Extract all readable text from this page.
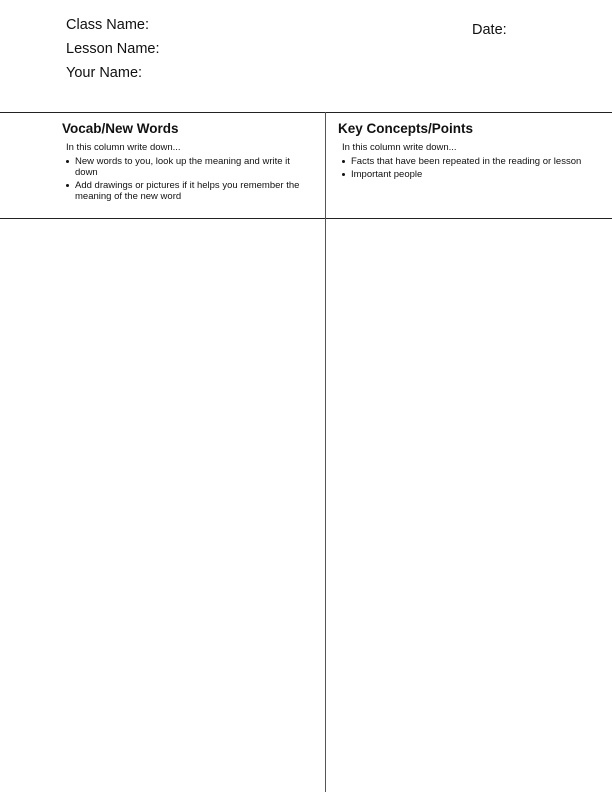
Class Name:
Lesson Name:
Your Name:
Date:
Vocab/New Words
In this column write down...
New words to you, look up the meaning and write it down
Add drawings or pictures if it helps you remember the meaning of the new word
Key Concepts/Points
In this column write down...
Facts that have been repeated in the reading or lesson
Important people
